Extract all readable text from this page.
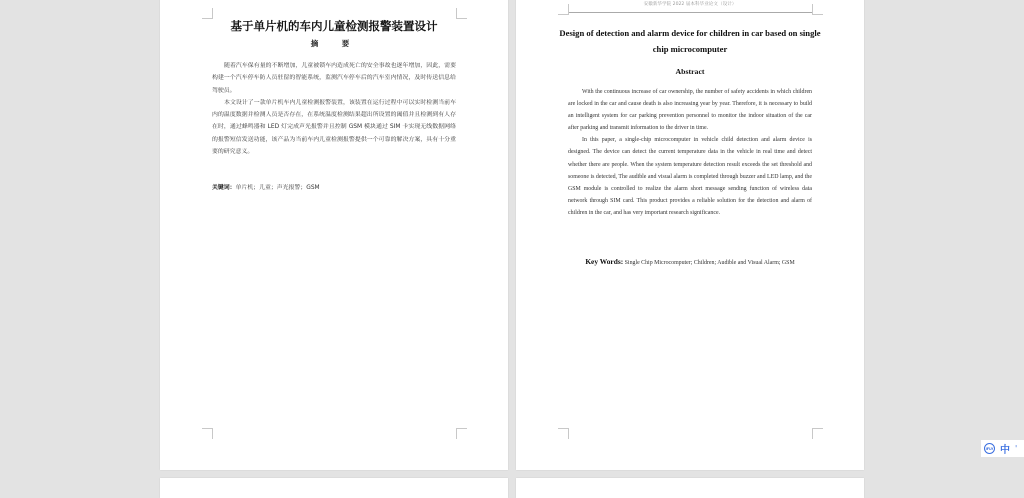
基于单片机的车内儿童检测报警装置设计
摘　要

随着汽车保有量的不断增加，儿童被锁车内造成死亡的安全事故也逐年增加，因此，需要构建一个汽车停车防人员驻留的智能系统，监测汽车停车后的汽车室内情况，及时传送信息给驾驶员。

本文设计了一款单片机车内儿童检测报警装置，该装置在运行过程中可以实时检测当前车内的温度数据并检测人员是否存在，在系统温度检测结果超出所设置的阈值并且检测到有人存在时，通过蜂鸣器和 LED 灯完成声光报警并且控制 GSM 模块通过 SIM 卡实现无线数据网络的报警短信发送功能，该产品为当前车内儿童检测报警提供一个可靠的解决方案，具有十分重要的研究意义。

关键词：单片机；儿童；声光报警；GSM
安徽新华学院 2022 届本科毕业论文（设计）
Design of detection and alarm device for children in car based on single chip microcomputer
Abstract

With the continuous increase of car ownership, the number of safety accidents in which children are locked in the car and cause death is also increasing year by year. Therefore, it is necessary to build an intelligent system for car parking prevention personnel to monitor the indoor situation of the car after parking and transmit information to the driver in time.

In this paper, a single-chip microcomputer in vehicle child detection and alarm device is designed. The device can detect the current temperature data in the vehicle in real time and detect whether there are people. When the system temperature detection result exceeds the set threshold and someone is detected, The audible and visual alarm is completed through buzzer and LED lamp, and the GSM module is controlled to realize the alarm short message sending function of wireless data network through SIM card. This product provides a reliable solution for the detection and alarm of children in the car, and has very important research significance.

Key Words: Single Chip Microcomputer; Children; Audible and Visual Alarm; GSM
iFLY 中 '
